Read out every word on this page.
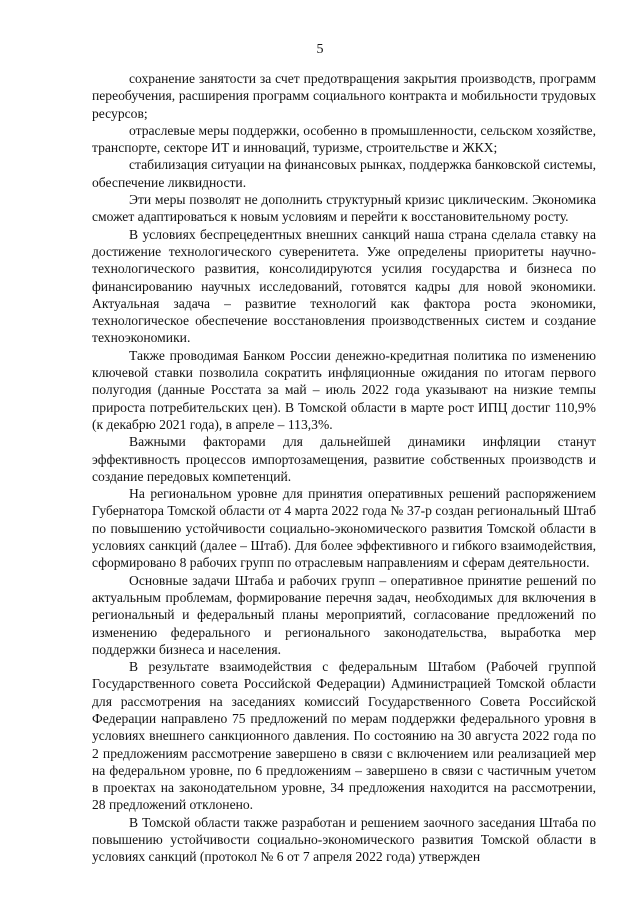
5

сохранение занятости за счет предотвращения закрытия производств, программ переобучения, расширения программ социального контракта и мобильности трудовых ресурсов;

отраслевые меры поддержки, особенно в промышленности, сельском хозяйстве, транспорте, секторе ИТ и инноваций, туризме, строительстве и ЖКХ;

стабилизация ситуации на финансовых рынках, поддержка банковской системы, обеспечение ликвидности.

Эти меры позволят не дополнить структурный кризис циклическим. Экономика сможет адаптироваться к новым условиям и перейти к восстановительному росту.

В условиях беспрецедентных внешних санкций наша страна сделала ставку на достижение технологического суверенитета. Уже определены приоритеты научно-технологического развития, консолидируются усилия государства и бизнеса по финансированию научных исследований, готовятся кадры для новой экономики. Актуальная задача – развитие технологий как фактора роста экономики, технологическое обеспечение восстановления производственных систем и создание техноэкономики.

Также проводимая Банком России денежно-кредитная политика по изменению ключевой ставки позволила сократить инфляционные ожидания по итогам первого полугодия (данные Росстата за май – июль 2022 года указывают на низкие темпы прироста потребительских цен). В Томской области в марте рост ИПЦ достиг 110,9% (к декабрю 2021 года), в апреле – 113,3%.

Важными факторами для дальнейшей динамики инфляции станут эффективность процессов импортозамещения, развитие собственных производств и создание передовых компетенций.

На региональном уровне для принятия оперативных решений распоряжением Губернатора Томской области от 4 марта 2022 года № 37-р создан региональный Штаб по повышению устойчивости социально-экономического развития Томской области в условиях санкций (далее – Штаб). Для более эффективного и гибкого взаимодействия, сформировано 8 рабочих групп по отраслевым направлениям и сферам деятельности.

Основные задачи Штаба и рабочих групп – оперативное принятие решений по актуальным проблемам, формирование перечня задач, необходимых для включения в региональный и федеральный планы мероприятий, согласование предложений по изменению федерального и регионального законодательства, выработка мер поддержки бизнеса и населения.

В результате взаимодействия с федеральным Штабом (Рабочей группой Государственного совета Российской Федерации) Администрацией Томской области для рассмотрения на заседаниях комиссий Государственного Совета Российской Федерации направлено 75 предложений по мерам поддержки федерального уровня в условиях внешнего санкционного давления. По состоянию на 30 августа 2022 года по 2 предложениям рассмотрение завершено в связи с включением или реализацией мер на федеральном уровне, по 6 предложениям – завершено в связи с частичным учетом в проектах на законодательном уровне, 34 предложения находится на рассмотрении, 28 предложений отклонено.

В Томской области также разработан и решением заочного заседания Штаба по повышению устойчивости социально-экономического развития Томской области в условиях санкций (протокол № 6 от 7 апреля 2022 года) утвержден
